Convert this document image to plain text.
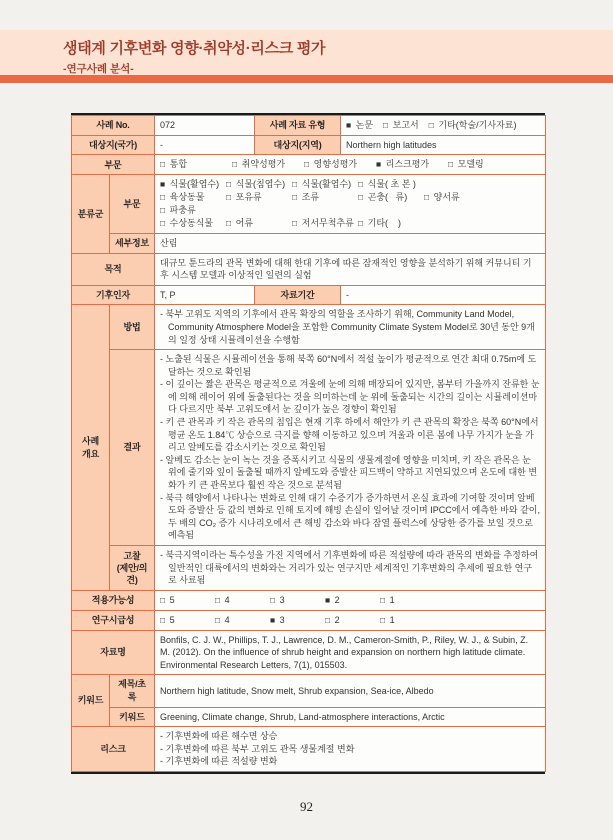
생태계 기후변화 영향·취약성·리스크 평가
-연구사례 분석-
사례 No.		072	사례 자료 유형	■ 논문 □ 보고서 □ 기타(학술/기사자료)

대상지(국가)		-	대상지(지역)	Northern high latitudes
부문		□ 통합 □ 취약성평가 □ 영향성평가 ■ 리스크평가 □ 모델링		

분류군	부문	
■ 식물(활엽수) □ 식물(침엽수) □ 식물(활엽수) □ 식물( 초 본 )
□ 육상동물	□ 포유류	□ 조류	□ 곤충(   류)	□ 양서류
□ 파충류
□ 수상동식물	□ 어류	□ 저서무척추류 □ 기타(    )

	세부정보	산림		
목적		대규모 툰드라의 관목 변화에 대해 한대 기후에 따른 잠재적인 영향을 분석하기 위해 커뮤니티 기후 시스템 모델과 이상적인 일련의 실험		
기후인자		T, P	자료기간	-

사례
개요	방법	- 북부 고위도 지역의 기후에서 관목 확장의 역할을 조사하기 위해, Community Land Model, Community Atmosphere Model을 포함한 Community Climate System Model로 30년 동안 9개의 일정 상태 시뮬레이션을 수행함		

	결과	- 노출된 식물은 시뮬레이션을 통해 북쪽 60°N에서 적설 높이가 평균적으로 연간 최대 0.75m에 도달하는 것으로 확인됨
- 이 깊이는 짧은 관목은 평균적으로 겨울에 눈에 의해 매장되어 있지만, 봄부터 가을까지 잔류한 눈에 의해 레이어 위에 돌출된다는 것을 의미하는데 눈 위에 돌출되는 시간의 길이는 시뮬레이션마다 다르지만 북부 고위도에서 눈 깊이가 높은 경향이 확인됨
- 키 큰 관목과 키 작은 관목의 침입은 현재 기후 하에서 해안가 키 큰 관목의 확장은 북쪽 60°N에서 평균 온도 1.84℃ 상승으로 극지를 향해 이동하고 있으며 겨울과 이른 봄에 나무 가지가 눈을 가리고 알베도를 감소시키는 것으로 확인됨
- 알베도 감소는 눈이 녹는 것을 증폭시키고 식물의 생물계절에 영향을 미치며, 키 작은 관목은 눈 위에 줄기와 잎이 돌출될 때까지 알베도와 증발산 피드백이 약하고 지연되었으며 온도에 대한 변화가 키 큰 관목보다 훨씬 작은 것으로 분석됨
- 북극 해양에서 나타나는 변화로 인해 대기 수증기가 증가하면서 온실 효과에 기여할 것이며 알베도와 증발산 등 값의 변화로 인해 토지에 해빙 손실이 일어날 것이며 IPCC에서 예측한 바와 같이, 두 배의 CO₂ 증가 시나리오에서 큰 해빙 감소와 바다 잠열 플럭스에 상당한 증가를 보일 것으로 예측됨		

	고찰
(제안/의견)	- 북극지역이라는 특수성을 가진 지역에서 기후변화에 따른 적설량에 따라 관목의 변화를 추정하여 일반적인 대륙에서의 변화와는 거리가 있는 연구지만 세계적인 기후변화의 추세에 필요한 연구로 사료됨		

적용가능성		□ 5 □ 4 □ 3 ■ 2 □ 1		

연구시급성		□ 5 □ 4 ■ 3 □ 2 □ 1		

자료명		Bonfils, C. J. W., Phillips, T. J., Lawrence, D. M., Cameron-Smith, P., Riley, W. J., & Subin, Z. M. (2012). On the influence of shrub height and expansion on northern high latitude climate. Environmental Research Letters, 7(1), 015503.		
키워드	제목/초록	Northern high latitude, Snow melt, Shrub expansion, Sea-ice, Albedo		
	키워드	Greening, Climate change, Shrub, Land-atmosphere interactions, Arctic		
리스크		- 기후변화에 따른 해수면 상승
- 기후변화에 따른 북부 고위도 관목 생물계절 변화
- 기후변화에 따른 적설량 변화		
92
